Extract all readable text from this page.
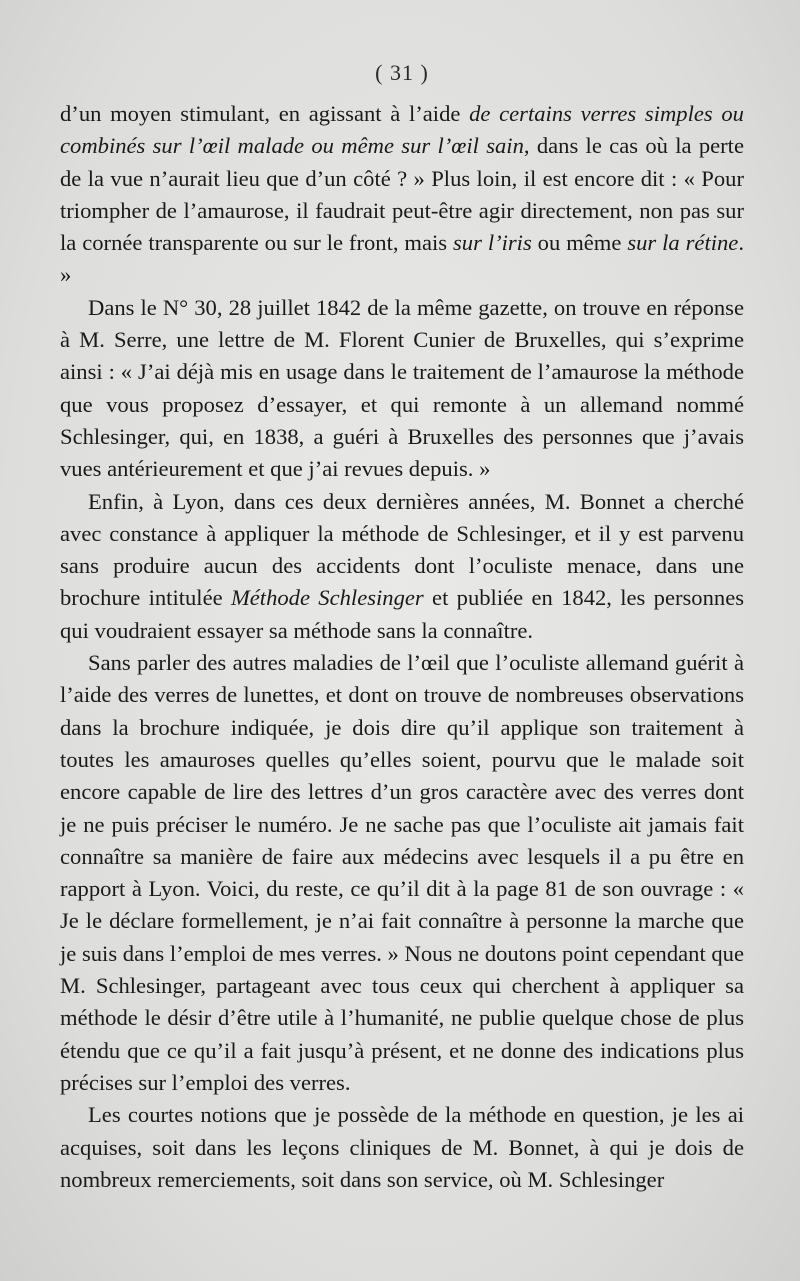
( 31 )

d’un moyen stimulant, en agissant à l’aide de certains verres simples ou combinés sur l’œil malade ou même sur l’œil sain, dans le cas où la perte de la vue n’aurait lieu que d’un côté ? » Plus loin, il est encore dit : « Pour triompher de l’amaurose, il faudrait peut-être agir directement, non pas sur la cornée transparente ou sur le front, mais sur l’iris ou même sur la rétine. »

Dans le N° 30, 28 juillet 1842 de la même gazette, on trouve en réponse à M. Serre, une lettre de M. Florent Cunier de Bruxelles, qui s’exprime ainsi : « J’ai déjà mis en usage dans le traitement de l’amaurose la méthode que vous proposez d’essayer, et qui remonte à un allemand nommé Schlesinger, qui, en 1838, a guéri à Bruxelles des personnes que j’avais vues antérieurement et que j’ai revues depuis. »

Enfin, à Lyon, dans ces deux dernières années, M. Bonnet a cherché avec constance à appliquer la méthode de Schlesinger, et il y est parvenu sans produire aucun des accidents dont l’oculiste menace, dans une brochure intitulée Méthode Schlesinger et publiée en 1842, les personnes qui voudraient essayer sa méthode sans la connaître.

Sans parler des autres maladies de l’œil que l’oculiste allemand guérit à l’aide des verres de lunettes, et dont on trouve de nombreuses observations dans la brochure indiquée, je dois dire qu’il applique son traitement à toutes les amauroses quelles qu’elles soient, pourvu que le malade soit encore capable de lire des lettres d’un gros caractère avec des verres dont je ne puis préciser le numéro. Je ne sache pas que l’oculiste ait jamais fait connaître sa manière de faire aux médecins avec lesquels il a pu être en rapport à Lyon. Voici, du reste, ce qu’il dit à la page 81 de son ouvrage : « Je le déclare formellement, je n’ai fait connaître à personne la marche que je suis dans l’emploi de mes verres. » Nous ne doutons point cependant que M. Schlesinger, partageant avec tous ceux qui cherchent à appliquer sa méthode le désir d’être utile à l’humanité, ne publie quelque chose de plus étendu que ce qu’il a fait jusqu’à présent, et ne donne des indications plus précises sur l’emploi des verres.

Les courtes notions que je possède de la méthode en question, je les ai acquises, soit dans les leçons cliniques de M. Bonnet, à qui je dois de nombreux remerciements, soit dans son service, où M. Schlesinger
